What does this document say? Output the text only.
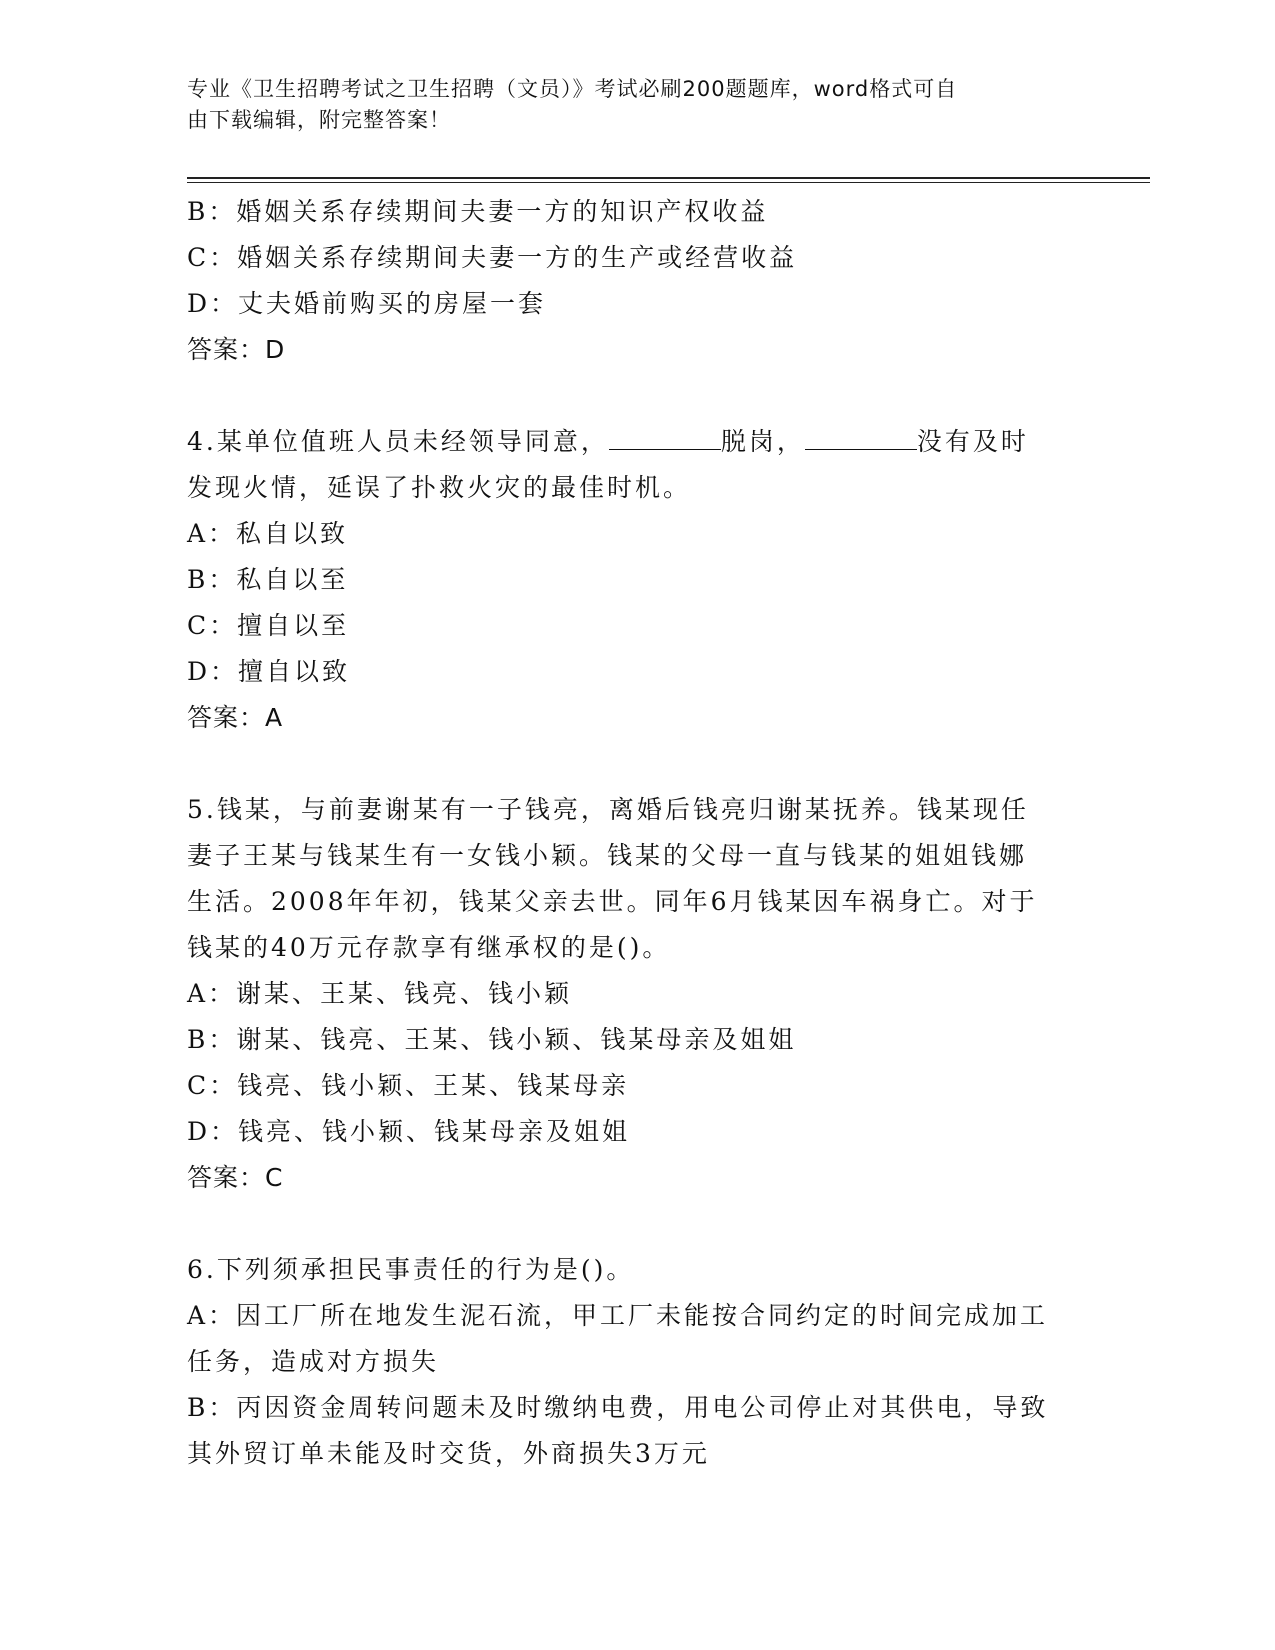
专业《卫生招聘考试之卫生招聘（文员）》考试必刷200题题库，word格式可自
由下载编辑，附完整答案！
B：婚姻关系存续期间夫妻一方的知识产权收益
C：婚姻关系存续期间夫妻一方的生产或经营收益
D：丈夫婚前购买的房屋一套
答案：D
4.某单位值班人员未经领导同意，	脱岗，	没有及时
发现火情，延误了扑救火灾的最佳时机。
A：私自以致
B：私自以至
C：擅自以至
D：擅自以致
答案：A
5.钱某，与前妻谢某有一子钱亮，离婚后钱亮归谢某抚养。钱某现任
妻子王某与钱某生有一女钱小颖。钱某的父母一直与钱某的姐姐钱娜
生活。2008年年初，钱某父亲去世。同年6月钱某因车祸身亡。对于
钱某的40万元存款享有继承权的是()。
A：谢某、王某、钱亮、钱小颖
B：谢某、钱亮、王某、钱小颖、钱某母亲及姐姐
C：钱亮、钱小颖、王某、钱某母亲
D：钱亮、钱小颖、钱某母亲及姐姐
答案：C
6.下列须承担民事责任的行为是()。
A：因工厂所在地发生泥石流，甲工厂未能按合同约定的时间完成加工
任务，造成对方损失
B：丙因资金周转问题未及时缴纳电费，用电公司停止对其供电，导致
其外贸订单未能及时交货，外商损失3万元
